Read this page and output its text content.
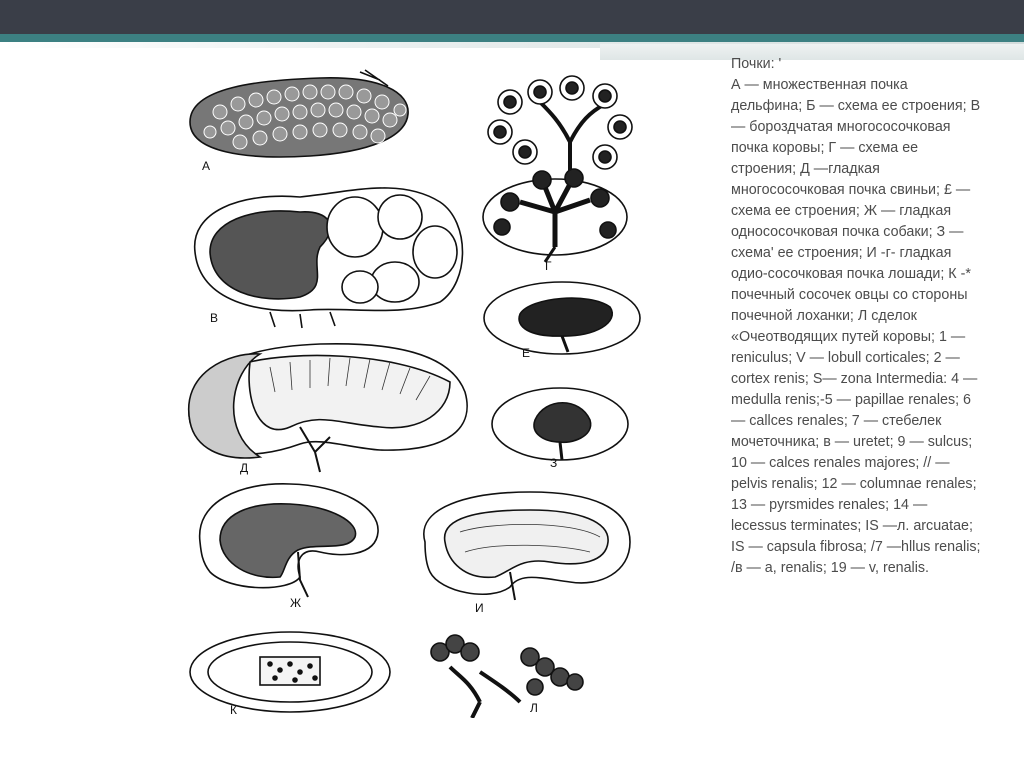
А
В
Г
Е
Д	З
Ж	И
К	Л
Почки: '
А — множественная почка дельфина; Б — схема ее строения; В — бороздчатая многососочковая почка коровы; Г — схема ее строения; Д —гладкая многососочковая почка свиньи; £ —схема ее строения; Ж — гладкая однососочковая почка собаки; З — схема' ее строения; И -г- гладкая одио-сосочковая почка лошади; К -* почечный сосочек овцы со стороны почечной лоханки; Л сделок «Очеотводящих путей коровы; 1 — reniculus; V — lobull corticales; 2 — cortex renis; S— zona Intermedia: 4 — medulla renis;-5 — papillae renales; 6 — callces renales; 7 — стебелек мочеточника; в — uretet; 9 — sulcus; 10 — calces renales majores; // — pelvis renalis; 12 — columnae renales; 13 — pyrsmides renales; 14 — lecessus terminates; IS —л. arcuatae; IS — capsula fibrosa; /7 —hllus renalis; /в — a, renalis; 19 — v, renalis.
